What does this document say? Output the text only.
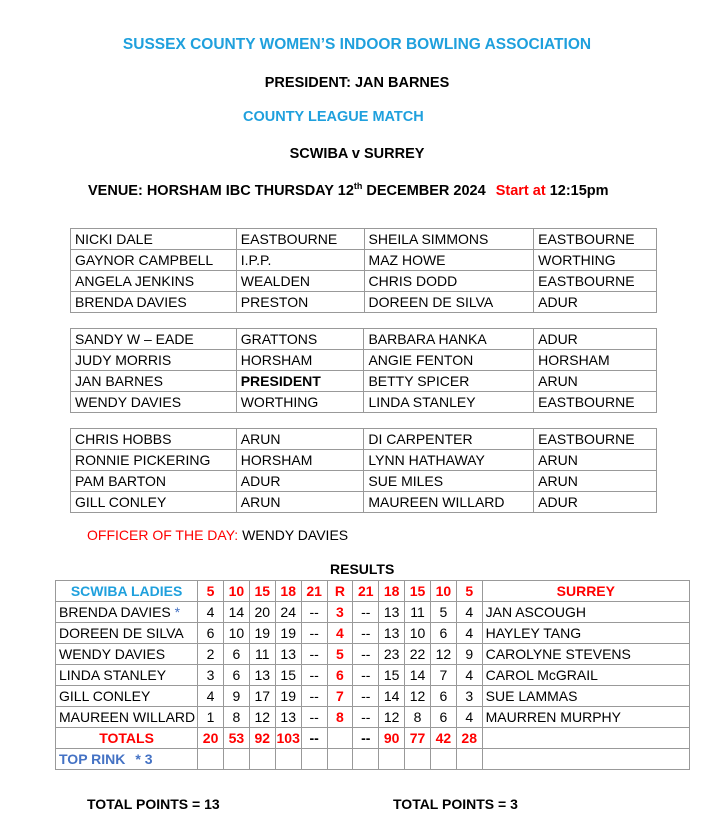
SUSSEX COUNTY WOMEN’S INDOOR BOWLING ASSOCIATION
PRESIDENT: JAN BARNES
COUNTY LEAGUE MATCH
SCWIBA v SURREY
VENUE: HORSHAM IBC THURSDAY 12th DECEMBER 2024 Start at 12:15pm
NICKI DALE	EASTBOURNE	SHEILA SIMMONS	EASTBOURNE
GAYNOR CAMPBELL	I.P.P.	MAZ HOWE	WORTHING
ANGELA JENKINS	WEALDEN	CHRIS DODD	EASTBOURNE
BRENDA DAVIES	PRESTON	DOREEN DE SILVA	ADUR
SANDY W – EADE	GRATTONS	BARBARA HANKA	ADUR
JUDY MORRIS	HORSHAM	ANGIE FENTON	HORSHAM
JAN BARNES	PRESIDENT	BETTY SPICER	ARUN
WENDY DAVIES	WORTHING	LINDA STANLEY	EASTBOURNE
CHRIS HOBBS	ARUN	DI CARPENTER	EASTBOURNE
RONNIE PICKERING	HORSHAM	LYNN HATHAWAY	ARUN
PAM BARTON	ADUR	SUE MILES	ARUN
GILL CONLEY	ARUN	MAUREEN WILLARD	ADUR
OFFICER OF THE DAY: WENDY DAVIES
RESULTS
SCWIBA LADIES	5	10	15	18	21	R	21	18	15	10	5	SURREY
BRENDA DAVIES *	4	14	20	24	--	3	--	13	11	5	4	JAN ASCOUGH
DOREEN DE SILVA	6	10	19	19	--	4	--	13	10	6	4	HAYLEY TANG
WENDY DAVIES	2	6	11	13	--	5	--	23	22	12	9	CAROLYNE STEVENS
LINDA STANLEY	3	6	13	15	--	6	--	15	14	7	4	CAROL McGRAIL
GILL CONLEY	4	9	17	19	--	7	--	14	12	6	3	SUE LAMMAS
MAUREEN WILLARD	1	8	12	13	--	8	--	12	8	6	4	MAURREN MURPHY
TOTALS	20	53	92	103	--		--	90	77	42	28	
TOP RINK * 3												
TOTAL POINTS = 13	TOTAL POINTS = 3
